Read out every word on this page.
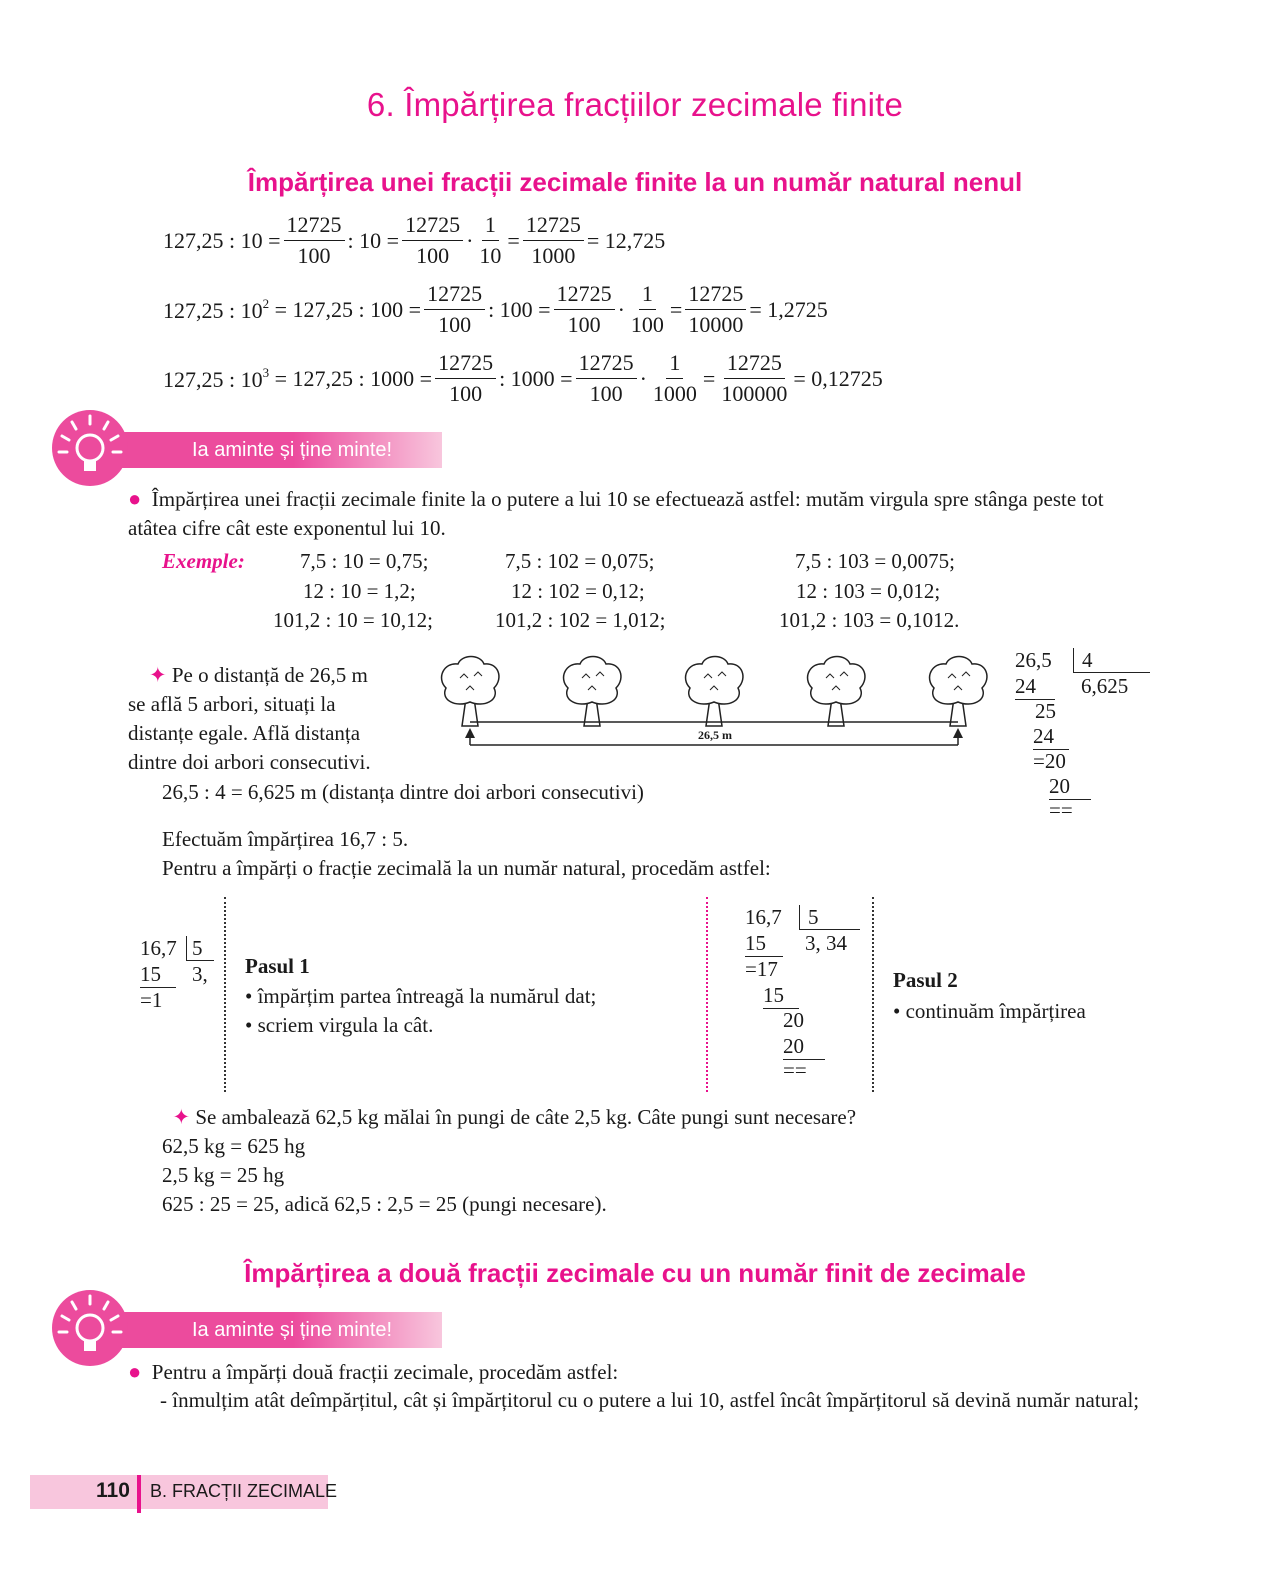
6. Împărțirea fracțiilor zecimale finite
Împărțirea unei fracții zecimale finite la un număr natural nenul
127,25 : $10 = \frac{12725}{100}$ : $10 = \frac{12725}{100} \cdot \frac{1}{10} = \frac{12725}{1000} = 12,725$
127,25 : $10^2$
= 127,25 : $100 = \frac{12725}{100}$ : $100 = \frac{12725}{100} \cdot \frac{1}{100} = \frac{12725}{10000} = 1,2725$
127,25 : $10^3$
= 127,25 : $1000 = \frac{12725}{100}$ : $1000 = \frac{12725}{100} \cdot \frac{1}{1000} = \frac{12725}{100000} = 0,12725$
Ia aminte și ține minte!
● Împărțirea unei fracții zecimale finite la o putere a lui 10 se efectuează astfel: mutăm virgula spre stânga peste tot atâtea cifre cât este exponentul lui 10.
Exemple:	7,5 : 10 = 0,75;	7,5 : 102 = 0,075;	7,5 : 103 = 0,0075;
12 : 10 = 1,2;	12 : 102 = 0,12;	12 : 103 = 0,012;
101,2 : 10 = 10,12;	101,2 : 102 = 1,012;	101,2 : 103 = 0,1012.
✦ Pe o distanță de 26,5 m
se află 5 arbori, situați la
distanțe egale. Află distanța
dintre doi arbori consecutivi.
26,5 m
26,5 : 4 = 6,625 m (distanța dintre doi arbori consecutivi)
26,5	4
6,625
24
25
24
=20
20
==
Efectuăm împărțirea 16,7 : 5.
Pentru a împărți o fracție zecimală la un număr natural, procedăm astfel:
16,7 5
3,
15
=1
Pasul 1
• împărțim partea întreagă la numărul dat;
• scriem virgula la cât.
16,7	5
3, 34
15
=17
15
20
20
==
Pasul 2
• continuăm împărțirea
✦ Se ambalează 62,5 kg mălai în pungi de câte 2,5 kg. Câte pungi sunt necesare?
62,5 kg = 625 hg
2,5 kg = 25 hg
625 : 25 = 25, adică 62,5 : 2,5 = 25 (pungi necesare).
Împărțirea a două fracții zecimale cu un număr finit de zecimale
Ia aminte și ține minte!
● Pentru a împărți două fracții zecimale, procedăm astfel:
- înmulțim atât deîmpărțitul, cât și împărțitorul cu o putere a lui 10, astfel încât împărțitorul să devină număr natural;
110 B. FRACȚII ZECIMALE
